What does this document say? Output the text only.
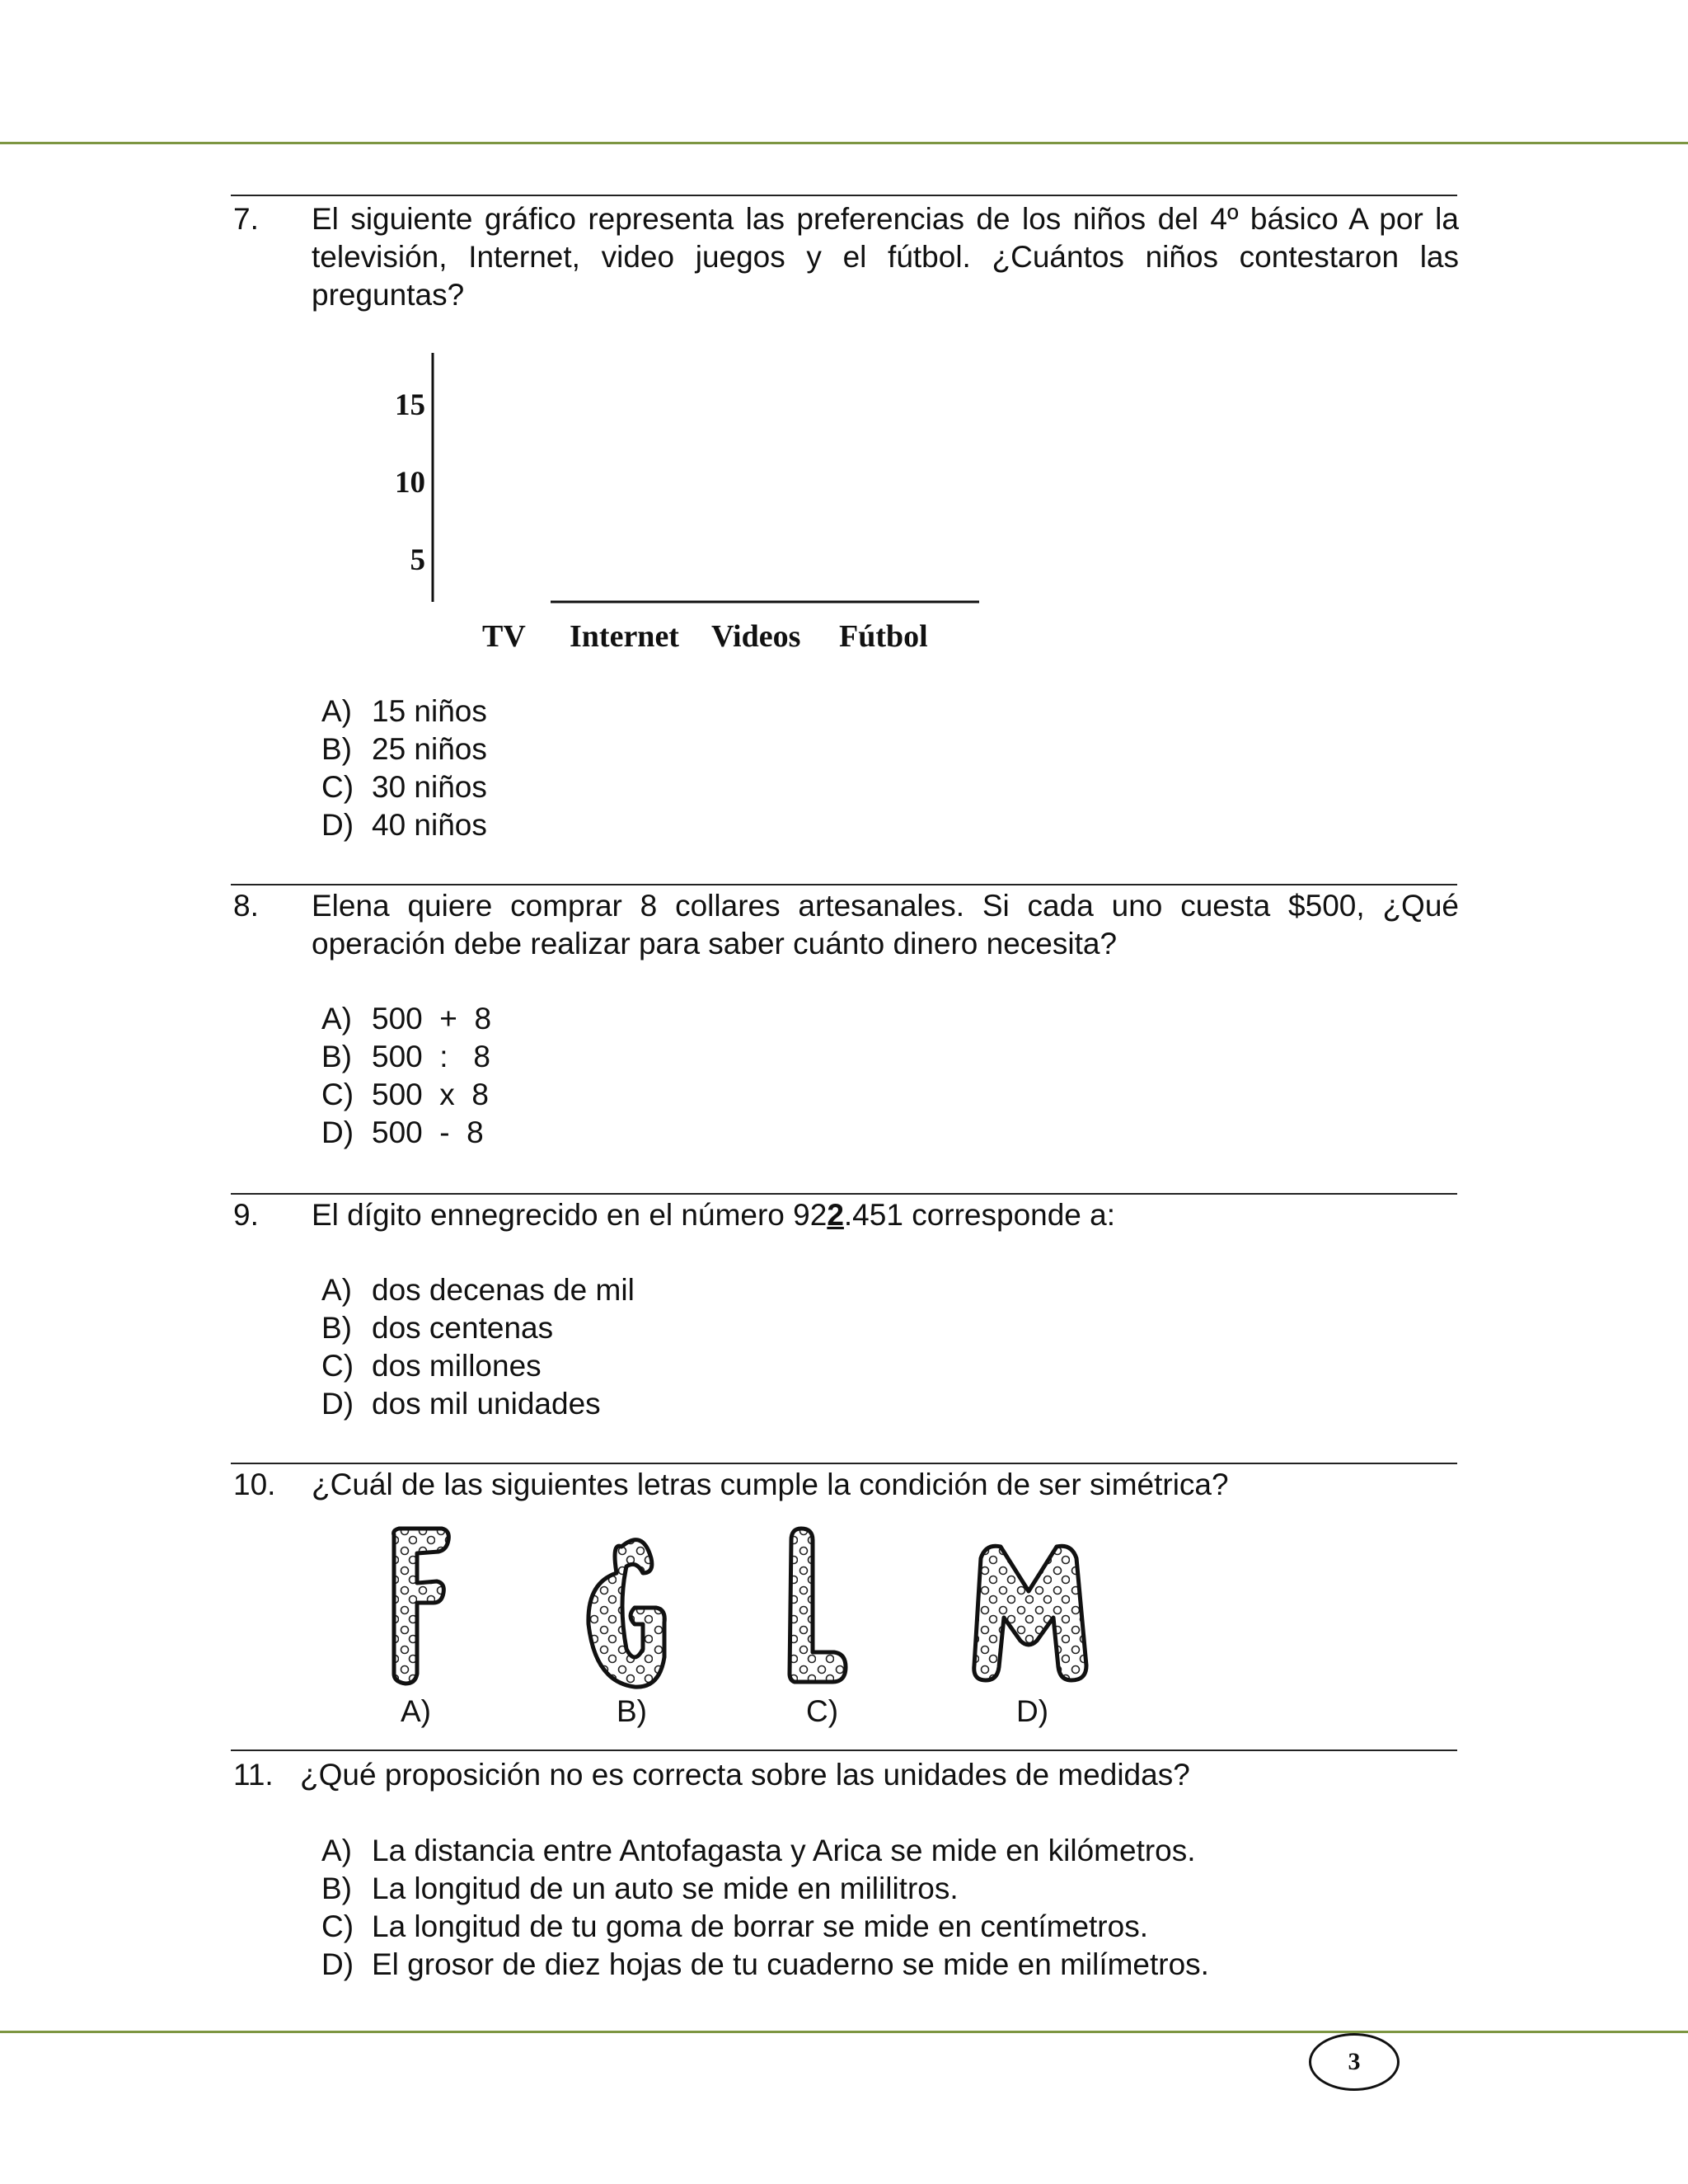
7. El siguiente gráfico representa las preferencias de los niños del 4º básico A por la televisión, Internet, video juegos y el fútbol. ¿Cuántos niños contestaron las preguntas?
15
10
5
TV Internet Videos Fútbol
A) 15 niños
B) 25 niños
C) 30 niños
D) 40 niños
8. Elena quiere comprar 8 collares artesanales. Si cada uno cuesta $500, ¿Qué operación debe realizar para saber cuánto dinero necesita?
A) 500  +  8
B) 500  :   8
C) 500  x  8
D) 500  -  8
9. El dígito ennegrecido en el número 922.451 corresponde a:
A) dos decenas de mil
B) dos centenas
C) dos millones
D) dos mil unidades
10. ¿Cuál de las siguientes letras cumple la condición de ser simétrica?
A)	B)	C)	D)
11. ¿Qué proposición no es correcta sobre las unidades de medidas?
A) La distancia entre Antofagasta y Arica se mide en kilómetros.
B) La longitud de un auto se mide en mililitros.
C) La longitud de tu goma de borrar se mide en centímetros.
D) El grosor de diez hojas de tu cuaderno se mide en milímetros.
3
